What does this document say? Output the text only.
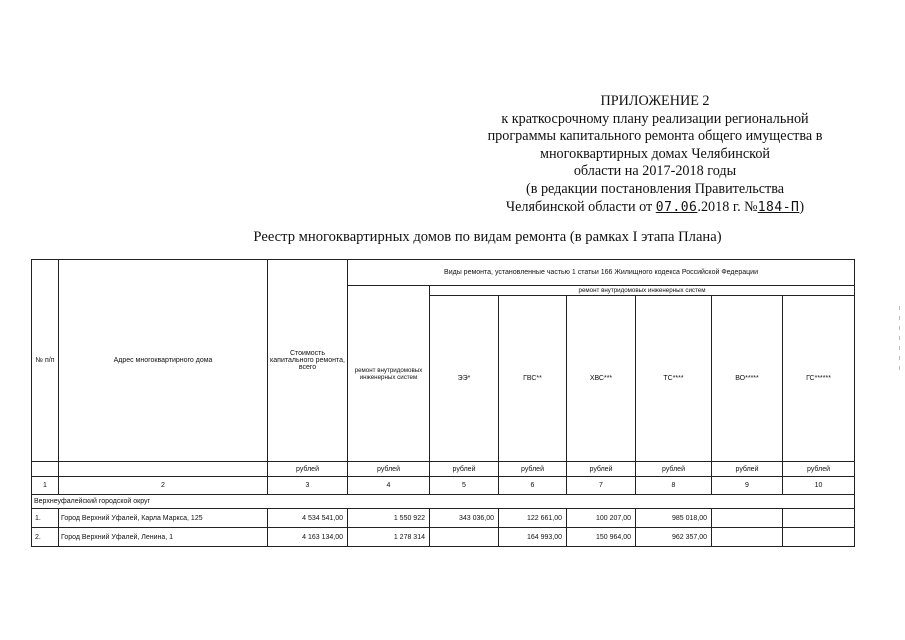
ПРИЛОЖЕНИЕ 2
к краткосрочному плану реализации региональной
программы капитального ремонта общего имущества в
многоквартирных домах Челябинской
области на 2017-2018 годы
(в редакции постановления Правительства
Челябинской области от 07.06.2018 г. №184-П)
Реестр многоквартирных домов по видам ремонта (в рамках I этапа Плана)
№ п/п	Адрес многоквартирного дома	Стоимость капитального ремонта, всего	Виды ремонта, установленные частью 1 статьи 166 Жилищного кодекса Российской Федерации						
			ремонт внутридомовых инженерных систем	ремонт внутридомовых инженерных систем					
				ЭЭ*	ГВС**	ХВС***	ТС****	ВО*****	ГС******
		рублей	рублей	рублей	рублей	рублей	рублей	рублей	рублей
1	2	3	4	5	6	7	8	9	10
Верхнеуфалейский городской округ									
1.	Город Верхний Уфалей, Карла Маркса, 125	4 534 541,00	1 550 922	343 036,00	122 661,00	100 207,00	985 018,00		
2.	Город Верхний Уфалей, Ленина, 1	4 163 134,00	1 278 314		164 993,00	150 964,00	962 357,00		
